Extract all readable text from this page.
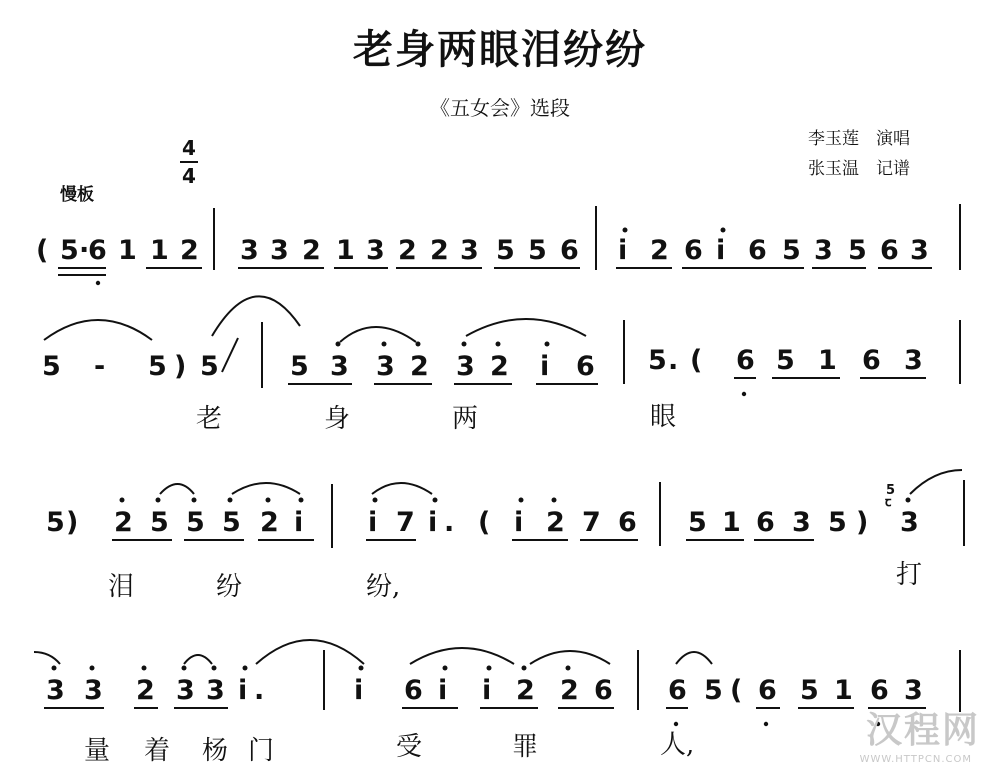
老身两眼泪纷纷
《五女会》选段
李玉莲　演唱
张玉温　记谱
慢板
4
4
( 5 ·
6 1 1 2 3 3 2 1 3 2 2 3 5 5 6 i 2 6 i 6 5 3 5 6 3
5 - 5 ) 5	5 3 3 2 3 2 i 6 5 . ( 6 5 1 6 3
老	身	两	眼
5 ) 2 5 5 5 2 i i 7 i . ( i 2 7 6 5 1 6 3 5 )
5
ꞇ
3
泪	纷	纷,	打
3 3 2 3 3 i .	i 6 i i 2 2 6 6 5 ( 6 5 1 6 3
量 着 杨 门	受	罪	人,	汉程网
WWW.HTTPCN.COM
